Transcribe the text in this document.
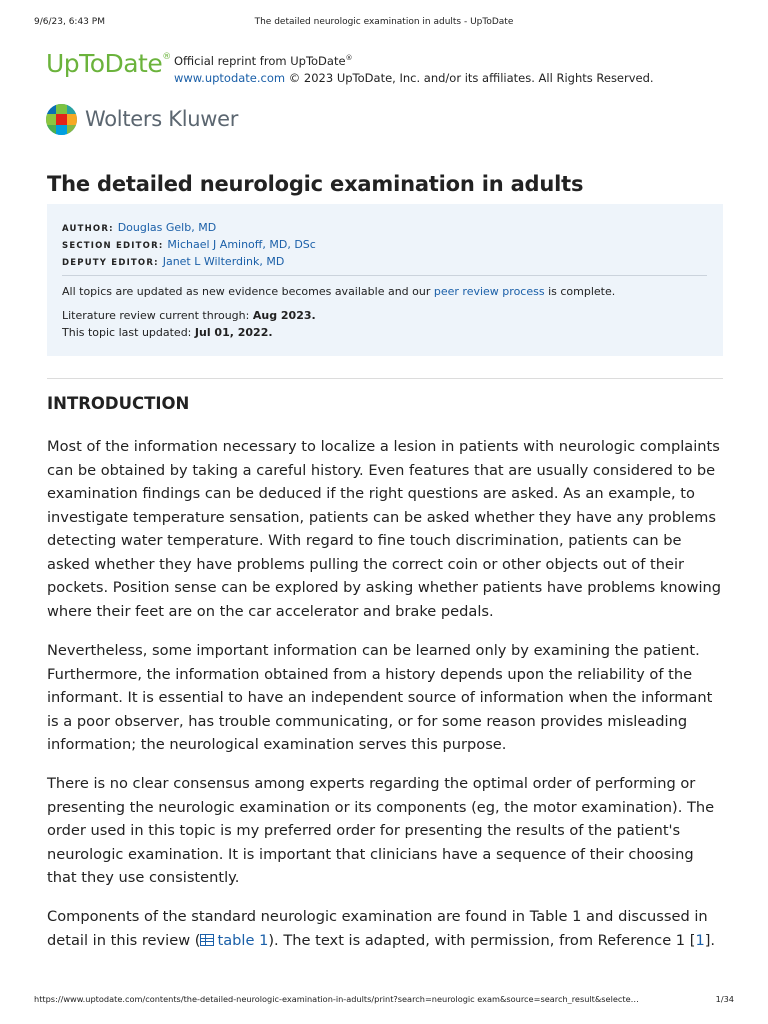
9/6/23, 6:43 PM	The detailed neurologic examination in adults - UpToDate
UpToDate® Official reprint from UpToDate®
www.uptodate.com © 2023 UpToDate, Inc. and/or its affiliates. All Rights Reserved.
Wolters Kluwer
The detailed neurologic examination in adults
AUTHOR: Douglas Gelb, MD
SECTION EDITOR: Michael J Aminoff, MD, DSc
DEPUTY EDITOR: Janet L Wilterdink, MD
All topics are updated as new evidence becomes available and our peer review process is complete.
Literature review current through: Aug 2023.
This topic last updated: Jul 01, 2022.
INTRODUCTION

Most of the information necessary to localize a lesion in patients with neurologic complaints can be obtained by taking a careful history. Even features that are usually considered to be examination findings can be deduced if the right questions are asked. As an example, to investigate temperature sensation, patients can be asked whether they have any problems detecting water temperature. With regard to fine touch discrimination, patients can be asked whether they have problems pulling the correct coin or other objects out of their pockets. Position sense can be explored by asking whether patients have problems knowing where their feet are on the car accelerator and brake pedals.

Nevertheless, some important information can be learned only by examining the patient. Furthermore, the information obtained from a history depends upon the reliability of the informant. It is essential to have an independent source of information when the informant is a poor observer, has trouble communicating, or for some reason provides misleading information; the neurological examination serves this purpose.

There is no clear consensus among experts regarding the optimal order of performing or presenting the neurologic examination or its components (eg, the motor examination). The order used in this topic is my preferred order for presenting the results of the patient's neurologic examination. It is important that clinicians have a sequence of their choosing that they use consistently.

Components of the standard neurologic examination are found in Table 1 and discussed in detail in this review ( table 1). The text is adapted, with permission, from Reference 1 [1].

https://www.uptodate.com/contents/the-detailed-neurologic-examination-in-adults/print?search=neurologic exam&source=search_result&selecte…	1/34
